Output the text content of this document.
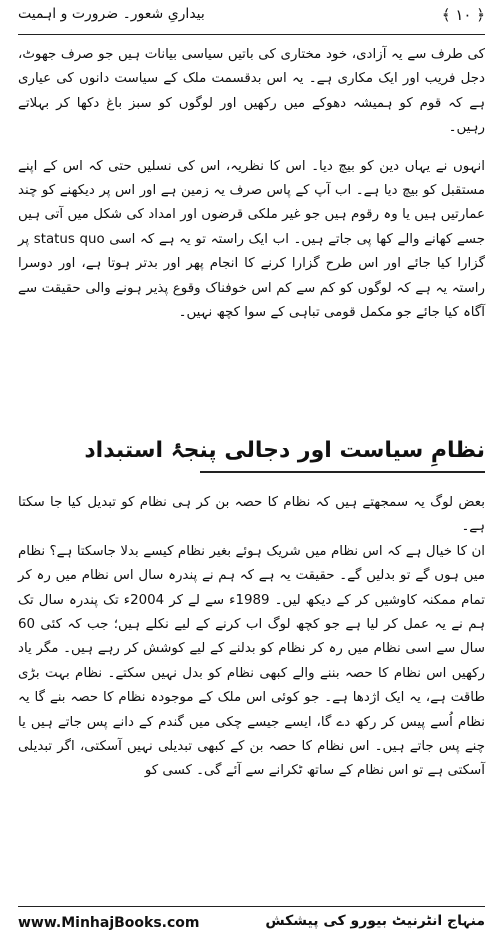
﴾ ۱۰ ﴿
بیداریِ شعور۔ ضرورت و اہمیت

کی طرف سے یہ آزادی، خود مختاری کی باتیں سیاسی بیانات ہیں جو صرف جھوٹ، دجل فریب اور ایک مکاری ہے۔ یہ اس بدقسمت ملک کے سیاست دانوں کی عیاری ہے کہ قوم کو ہمیشہ دھوکے میں رکھیں اور لوگوں کو سبز باغ دکھا کر بہلاتے رہیں۔

انہوں نے یہاں دین کو بیچ دیا۔ اس کا نظریہ، اس کی نسلیں حتی کہ اس کے اپنے مستقبل کو بیچ دیا ہے۔ اب آپ کے پاس صرف یہ زمین ہے اور اس پر دیکھنے کو چند عمارتیں ہیں یا وہ رقوم ہیں جو غیر ملکی قرضوں اور امداد کی شکل میں آتی ہیں جسے کھانے والے کھا پی جاتے ہیں۔ اب ایک راستہ تو یہ ہے کہ اسی status quo پر گزارا کیا جائے اور اس طرح گزارا کرنے کا انجام پھر اور بدتر ہوتا ہے، اور دوسرا راستہ یہ ہے کہ لوگوں کو کم سے کم اس خوفناک وقوع پذیر ہونے والی حقیقت سے آگاہ کیا جائے جو مکمل قومی تباہی کے سوا کچھ نہیں۔

نظامِ سیاست اور دجالی پنجۂ استبداد

بعض لوگ یہ سمجھتے ہیں کہ نظام کا حصہ بن کر ہی نظام کو تبدیل کیا جا سکتا ہے۔

ان کا خیال ہے کہ اس نظام میں شریک ہوئے بغیر نظام کیسے بدلا جاسکتا ہے؟ نظام میں ہوں گے تو بدلیں گے۔ حقیقت یہ ہے کہ ہم نے پندرہ سال اس نظام میں رہ کر تمام ممکنہ کاوشیں کر کے دیکھ لیں۔ 1989ء سے لے کر 2004ء تک پندرہ سال تک ہم نے یہ عمل کر لیا ہے جو کچھ لوگ اب کرنے کے لیے نکلے ہیں؛ جب کہ کئی 60 سال سے اسی نظام میں رہ کر نظام کو بدلنے کے لیے کوشش کر رہے ہیں۔ مگر یاد رکھیں اس نظام کا حصہ بننے والے کبھی نظام کو بدل نہیں سکتے۔ نظام بہت بڑی طاقت ہے، یہ ایک اژدھا ہے۔ جو کوئی اس ملک کے موجودہ نظام کا حصہ بنے گا یہ نظام اُسے پیس کر رکھ دے گا، ایسے جیسے چکی میں گندم کے دانے پس جاتے ہیں یا چنے پس جاتے ہیں۔ اس نظام کا حصہ بن کے کبھی تبدیلی نہیں آسکتی، اگر تبدیلی آسکتی ہے تو اس نظام کے ساتھ ٹکرانے سے آئے گی۔ کسی کو

www.MinhajBooks.com	منہاج انٹرنیٹ بیورو کی پیشکش
